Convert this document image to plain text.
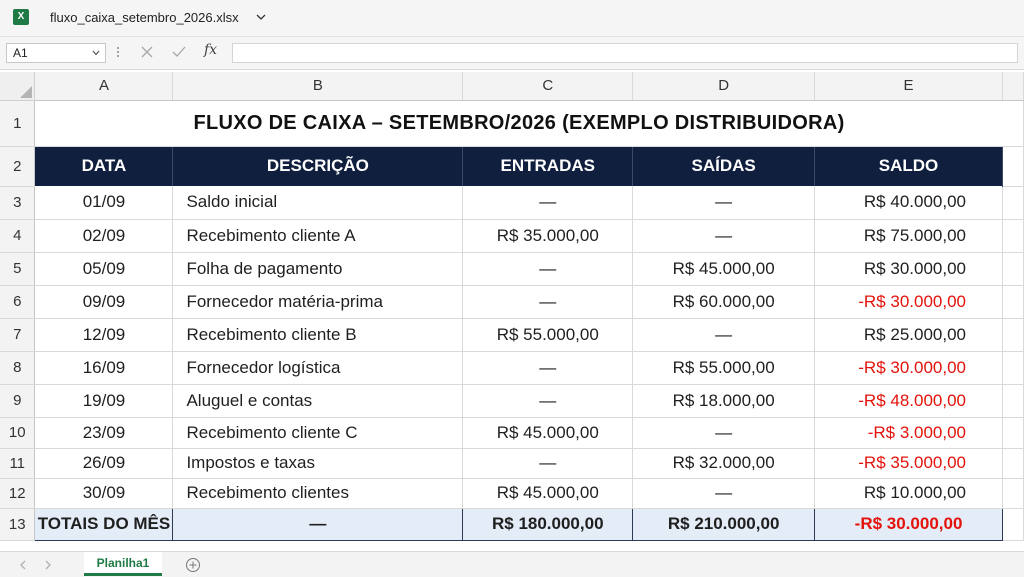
X	fluxo_caixa_setembro_2026.xlsx
A1	fx
	A	B	C	D	E	
1	FLUXO DE CAIXA – SETEMBRO/2026 (EXEMPLO DISTRIBUIDORA)					
2	DATA	DESCRIÇÃO	ENTRADAS	SAÍDAS	SALDO	
3	01/09	Saldo inicial	—	—	R$ 40.000,00	
4	02/09	Recebimento cliente A	R$ 35.000,00	—	R$ 75.000,00	
5	05/09	Folha de pagamento	—	R$ 45.000,00	R$ 30.000,00	
6	09/09	Fornecedor matéria-prima	—	R$ 60.000,00	-R$ 30.000,00	
7	12/09	Recebimento cliente B	R$ 55.000,00	—	R$ 25.000,00	
8	16/09	Fornecedor logística	—	R$ 55.000,00	-R$ 30.000,00	
9	19/09	Aluguel e contas	—	R$ 18.000,00	-R$ 48.000,00	
10	23/09	Recebimento cliente C	R$ 45.000,00	—	-R$ 3.000,00	
11	26/09	Impostos e taxas	—	R$ 32.000,00	-R$ 35.000,00	
12	30/09	Recebimento clientes	R$ 45.000,00	—	R$ 10.000,00	
13	TOTAIS DO MÊS	—	R$ 180.000,00	R$ 210.000,00	-R$ 30.000,00	
Planilha1
